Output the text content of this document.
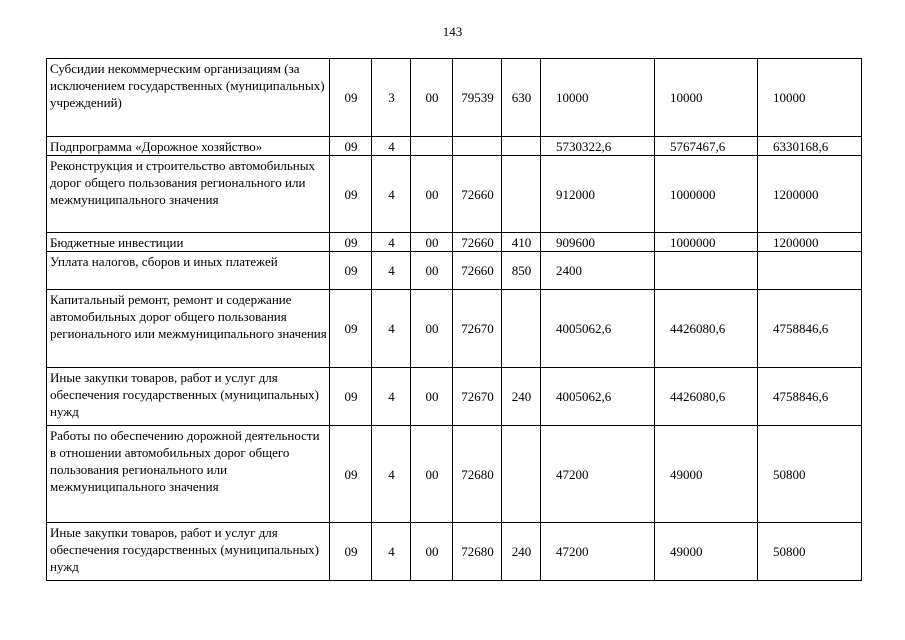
143
Субсидии некоммерческим организациям (за исключением государственных (муниципальных) учреждений)	09	3	00	79539	630	10000	10000	10000
Подпрограмма «Дорожное хозяйство»	09	4				5730322,6	5767467,6	6330168,6
Реконструкция и строительство автомобильных дорог общего пользования регионального или межмуниципального значения	09	4	00	72660		912000	1000000	1200000
Бюджетные инвестиции	09	4	00	72660	410	909600	1000000	1200000
Уплата налогов, сборов и иных платежей	09	4	00	72660	850	2400		
Капитальный ремонт, ремонт и содержание автомобильных дорог общего пользования регионального или межмуниципального значения	09	4	00	72670		4005062,6	4426080,6	4758846,6
Иные закупки товаров, работ и услуг для обеспечения государственных (муниципальных) нужд	09	4	00	72670	240	4005062,6	4426080,6	4758846,6
Работы по обеспечению дорожной деятельности в отношении автомобильных дорог общего пользования регионального или межмуниципального значения	09	4	00	72680		47200	49000	50800
Иные закупки товаров, работ и услуг для обеспечения государственных (муниципальных) нужд	09	4	00	72680	240	47200	49000	50800
